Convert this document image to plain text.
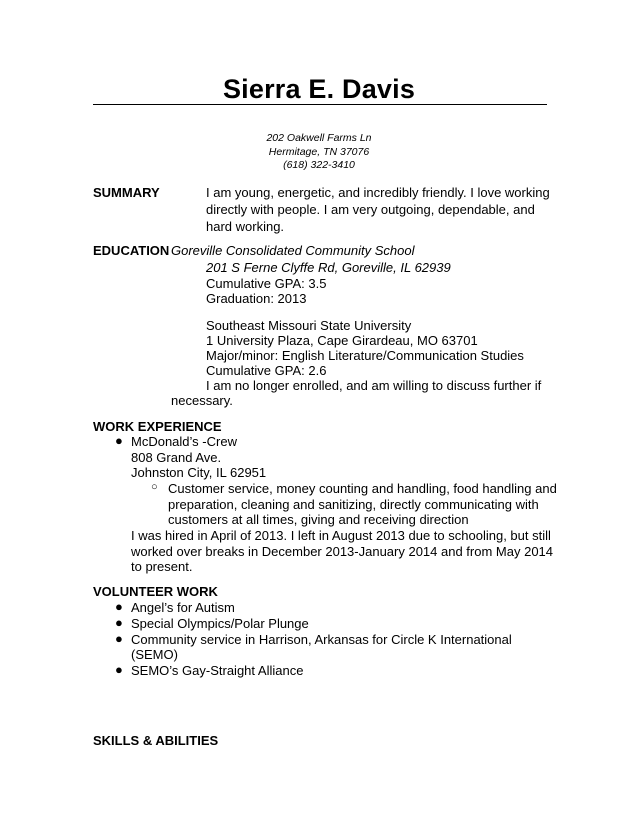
Sierra E. Davis
202 Oakwell Farms Ln
Hermitage, TN 37076
(618) 322-3410
SUMMARY	I am young, energetic, and incredibly friendly. I love working
directly with people. I am very outgoing, dependable, and
hard working.
EDUCATION Goreville Consolidated Community School
201 S Ferne Clyffe Rd, Goreville, IL 62939
Cumulative GPA: 3.5
Graduation: 2013
Southeast Missouri State University
1 University Plaza, Cape Girardeau, MO 63701
Major/minor: English Literature/Communication Studies
Cumulative GPA: 2.6
I am no longer enrolled, and am willing to discuss further if
necessary.
WORK EXPERIENCE
● McDonald’s -Crew
808 Grand Ave.
Johnston City, IL 62951
○ Customer service, money counting and handling, food handling and
preparation, cleaning and sanitizing, directly communicating with
customers at all times, giving and receiving direction
I was hired in April of 2013. I left in August 2013 due to schooling, but still
worked over breaks in December 2013-January 2014 and from May 2014
to present.
VOLUNTEER WORK
● Angel’s for Autism
● Special Olympics/Polar Plunge
● Community service in Harrison, Arkansas for Circle K International
(SEMO)
● SEMO’s Gay-Straight Alliance
SKILLS & ABILITIES
